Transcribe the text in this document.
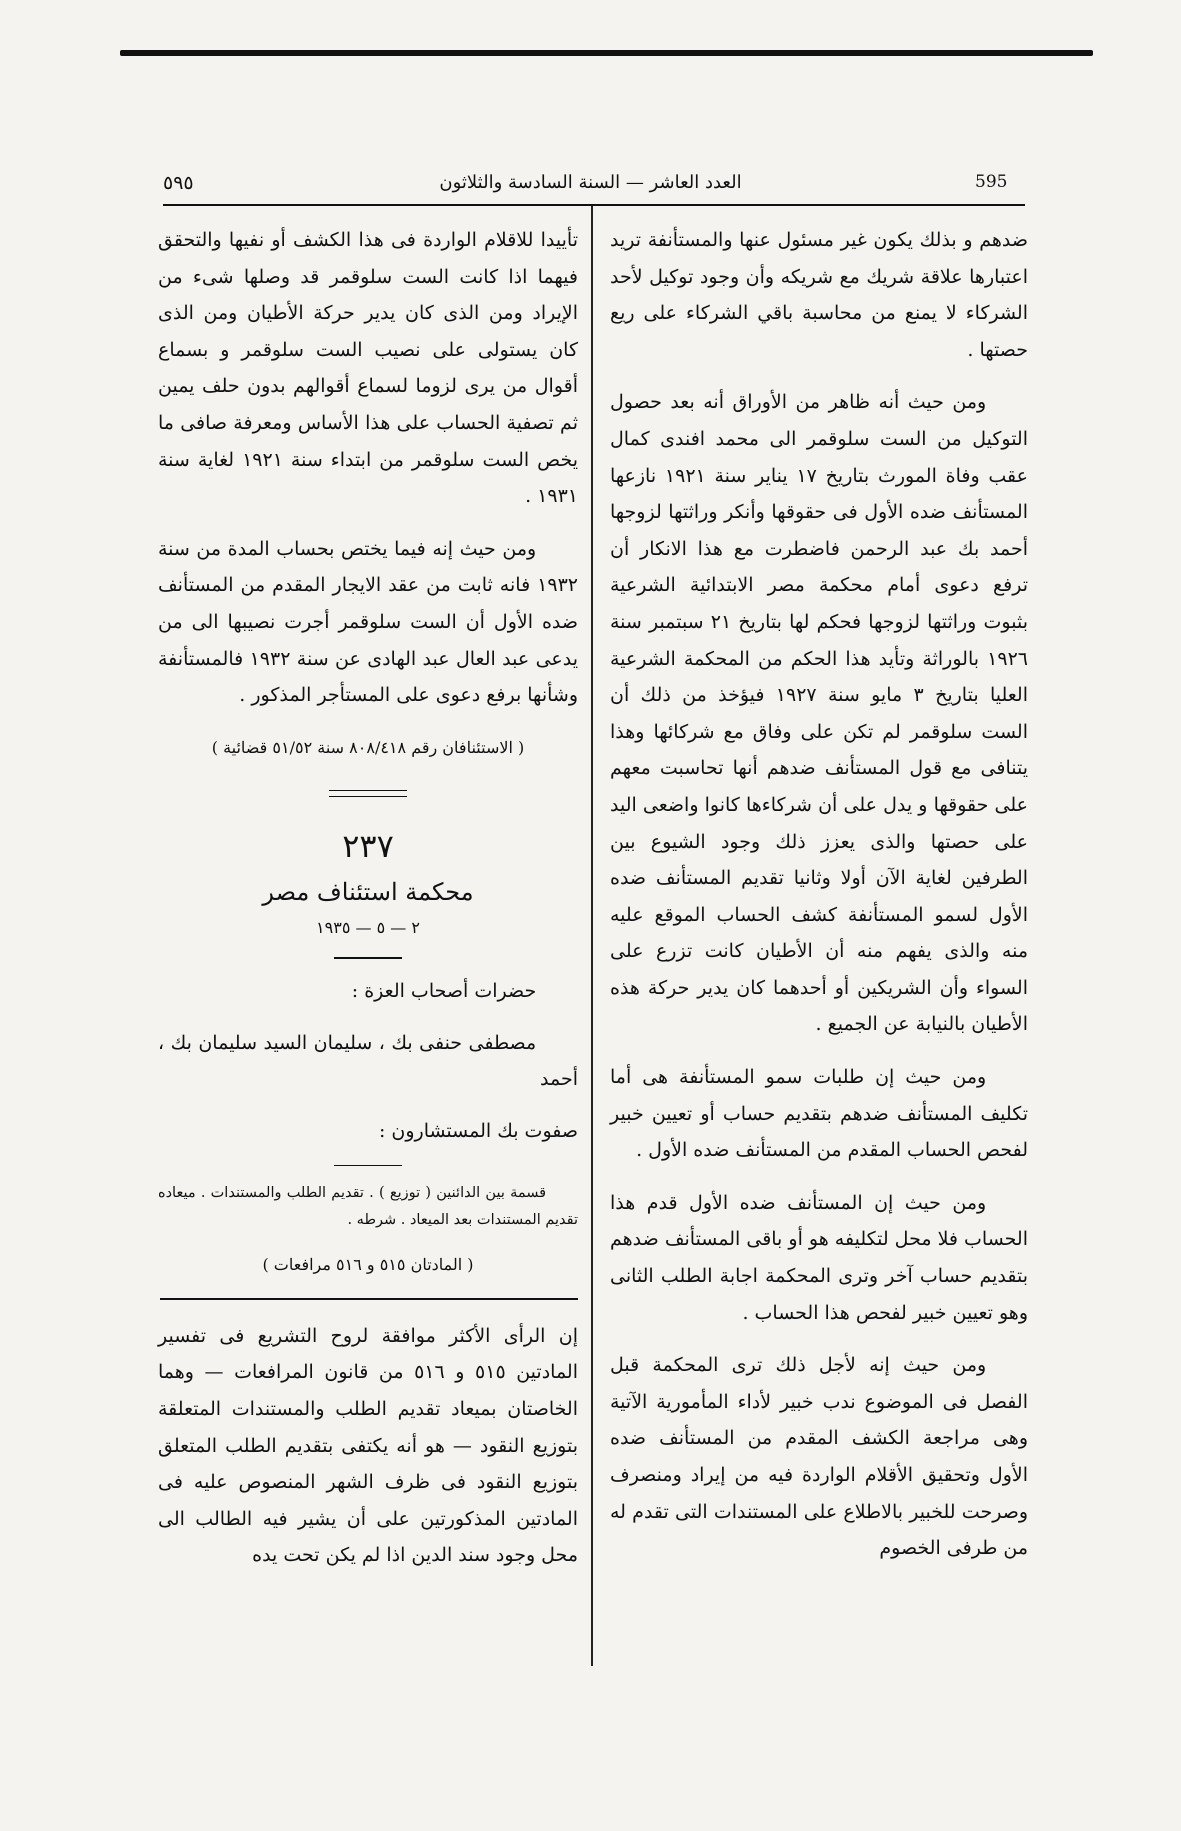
٥٩٥	العدد العاشر — السنة السادسة والثلاثون	595

ضدهم و بذلك يكون غير مسئول عنها والمستأنفة تريد اعتبارها علاقة شريك مع شريكه وأن وجود توكيل لأحد الشركاء لا يمنع من محاسبة باقي الشركاء على ريع حصتها .

ومن حيث أنه ظاهر من الأوراق أنه بعد حصول التوكيل من الست سلوقمر الى محمد افندى كمال عقب وفاة المورث بتاريخ ١٧ يناير سنة ١٩٢١ نازعها المستأنف ضده الأول فى حقوقها وأنكر وراثتها لزوجها أحمد بك عبد الرحمن فاضطرت مع هذا الانكار أن ترفع دعوى أمام محكمة مصر الابتدائية الشرعية بثبوت وراثتها لزوجها فحكم لها بتاريخ ٢١ سبتمبر سنة ١٩٢٦ بالوراثة وتأيد هذا الحكم من المحكمة الشرعية العليا بتاريخ ٣ مايو سنة ١٩٢٧ فيؤخذ من ذلك أن الست سلوقمر لم تكن على وفاق مع شركائها وهذا يتنافى مع قول المستأنف ضدهم أنها تحاسبت معهم على حقوقها و يدل على أن شركاءها كانوا واضعى اليد على حصتها والذى يعزز ذلك وجود الشيوع بين الطرفين لغاية الآن أولا وثانيا تقديم المستأنف ضده الأول لسمو المستأنفة كشف الحساب الموقع عليه منه والذى يفهم منه أن الأطيان كانت تزرع على السواء وأن الشريكين أو أحدهما كان يدير حركة هذه الأطيان بالنيابة عن الجميع .

ومن حيث إن طلبات سمو المستأنفة هى أما تكليف المستأنف ضدهم بتقديم حساب أو تعيين خبير لفحص الحساب المقدم من المستأنف ضده الأول .

ومن حيث إن المستأنف ضده الأول قدم هذا الحساب فلا محل لتكليفه هو أو باقى المستأنف ضدهم بتقديم حساب آخر وترى المحكمة اجابة الطلب الثانى وهو تعيين خبير لفحص هذا الحساب .

ومن حيث إنه لأجل ذلك ترى المحكمة قبل الفصل فى الموضوع ندب خبير لأداء المأمورية الآتية وهى مراجعة الكشف المقدم من المستأنف ضده الأول وتحقيق الأقلام الواردة فيه من إيراد ومنصرف وصرحت للخبير بالاطلاع على المستندات التى تقدم له من طرفى الخصوم

تأييدا للاقلام الواردة فى هذا الكشف أو نفيها والتحقق فيهما اذا كانت الست سلوقمر قد وصلها شىء من الإيراد ومن الذى كان يدير حركة الأطيان ومن الذى كان يستولى على نصيب الست سلوقمر و بسماع أقوال من يرى لزوما لسماع أقوالهم بدون حلف يمين ثم تصفية الحساب على هذا الأساس ومعرفة صافى ما يخص الست سلوقمر من ابتداء سنة ١٩٢١ لغاية سنة ١٩٣١ .

ومن حيث إنه فيما يختص بحساب المدة من سنة ١٩٣٢ فانه ثابت من عقد الايجار المقدم من المستأنف ضده الأول أن الست سلوقمر أجرت نصيبها الى من يدعى عبد العال عبد الهادى عن سنة ١٩٣٢ فالمستأنفة وشأنها برفع دعوى على المستأجر المذكور .

( الاستئنافان رقم ٨٠٨/٤١٨ سنة ٥١/٥٢ قضائية )
٢٣٧
محكمة استئناف مصر
٢ — ٥ — ١٩٣٥

حضرات أصحاب العزة :

مصطفى حنفى بك ، سليمان السيد سليمان بك ، أحمد

صفوت بك المستشارون :

قسمة بين الدائنين ( توزيع ) . تقديم الطلب والمستندات . ميعاده تقديم المستندات بعد الميعاد . شرطه .

( المادتان ٥١٥ و ٥١٦ مرافعات )

إن الرأى الأكثر موافقة لروح التشريع فى تفسير المادتين ٥١٥ و ٥١٦ من قانون المرافعات — وهما الخاصتان بميعاد تقديم الطلب والمستندات المتعلقة بتوزيع النقود — هو أنه يكتفى بتقديم الطلب المتعلق بتوزيع النقود فى ظرف الشهر المنصوص عليه فى المادتين المذكورتين على أن يشير فيه الطالب الى محل وجود سند الدين اذا لم يكن تحت يده
